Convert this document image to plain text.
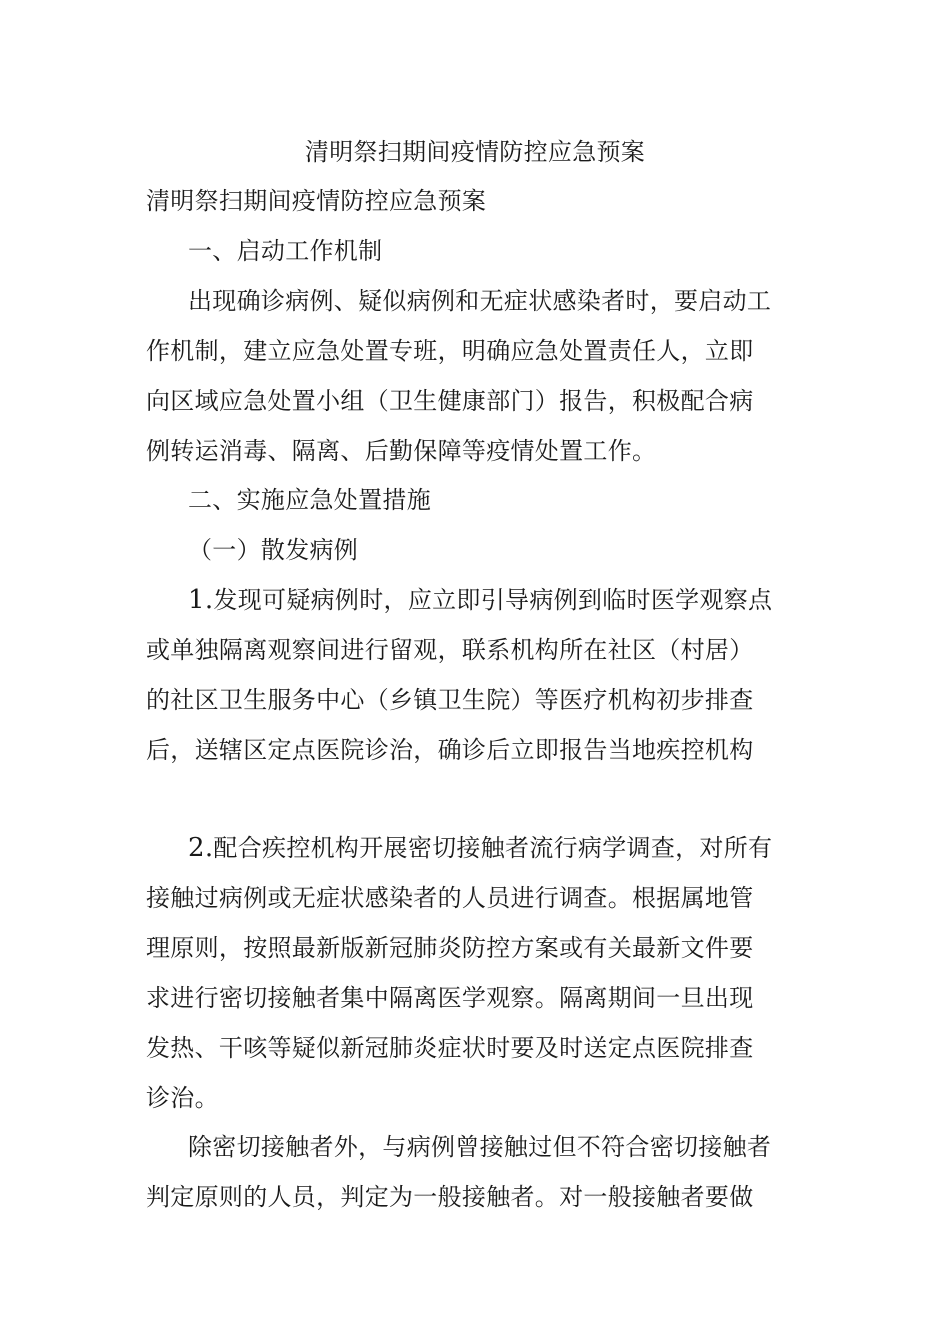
清明祭扫期间疫情防控应急预案
清明祭扫期间疫情防控应急预案
一、启动工作机制
出现确诊病例、疑似病例和无症状感染者时，要启动工
作机制，建立应急处置专班，明确应急处置责任人，立即
向区域应急处置小组（卫生健康部门）报告，积极配合病
例转运消毒、隔离、后勤保障等疫情处置工作。
二、实施应急处置措施
（一）散发病例
1.发现可疑病例时，应立即引导病例到临时医学观察点
或单独隔离观察间进行留观，联系机构所在社区（村居）
的社区卫生服务中心（乡镇卫生院）等医疗机构初步排查
后，送辖区定点医院诊治，确诊后立即报告当地疾控机构
2.配合疾控机构开展密切接触者流行病学调查，对所有
接触过病例或无症状感染者的人员进行调查。根据属地管
理原则，按照最新版新冠肺炎防控方案或有关最新文件要
求进行密切接触者集中隔离医学观察。隔离期间一旦出现
发热、干咳等疑似新冠肺炎症状时要及时送定点医院排查
诊治。
除密切接触者外，与病例曾接触过但不符合密切接触者
判定原则的人员，判定为一般接触者。对一般接触者要做
